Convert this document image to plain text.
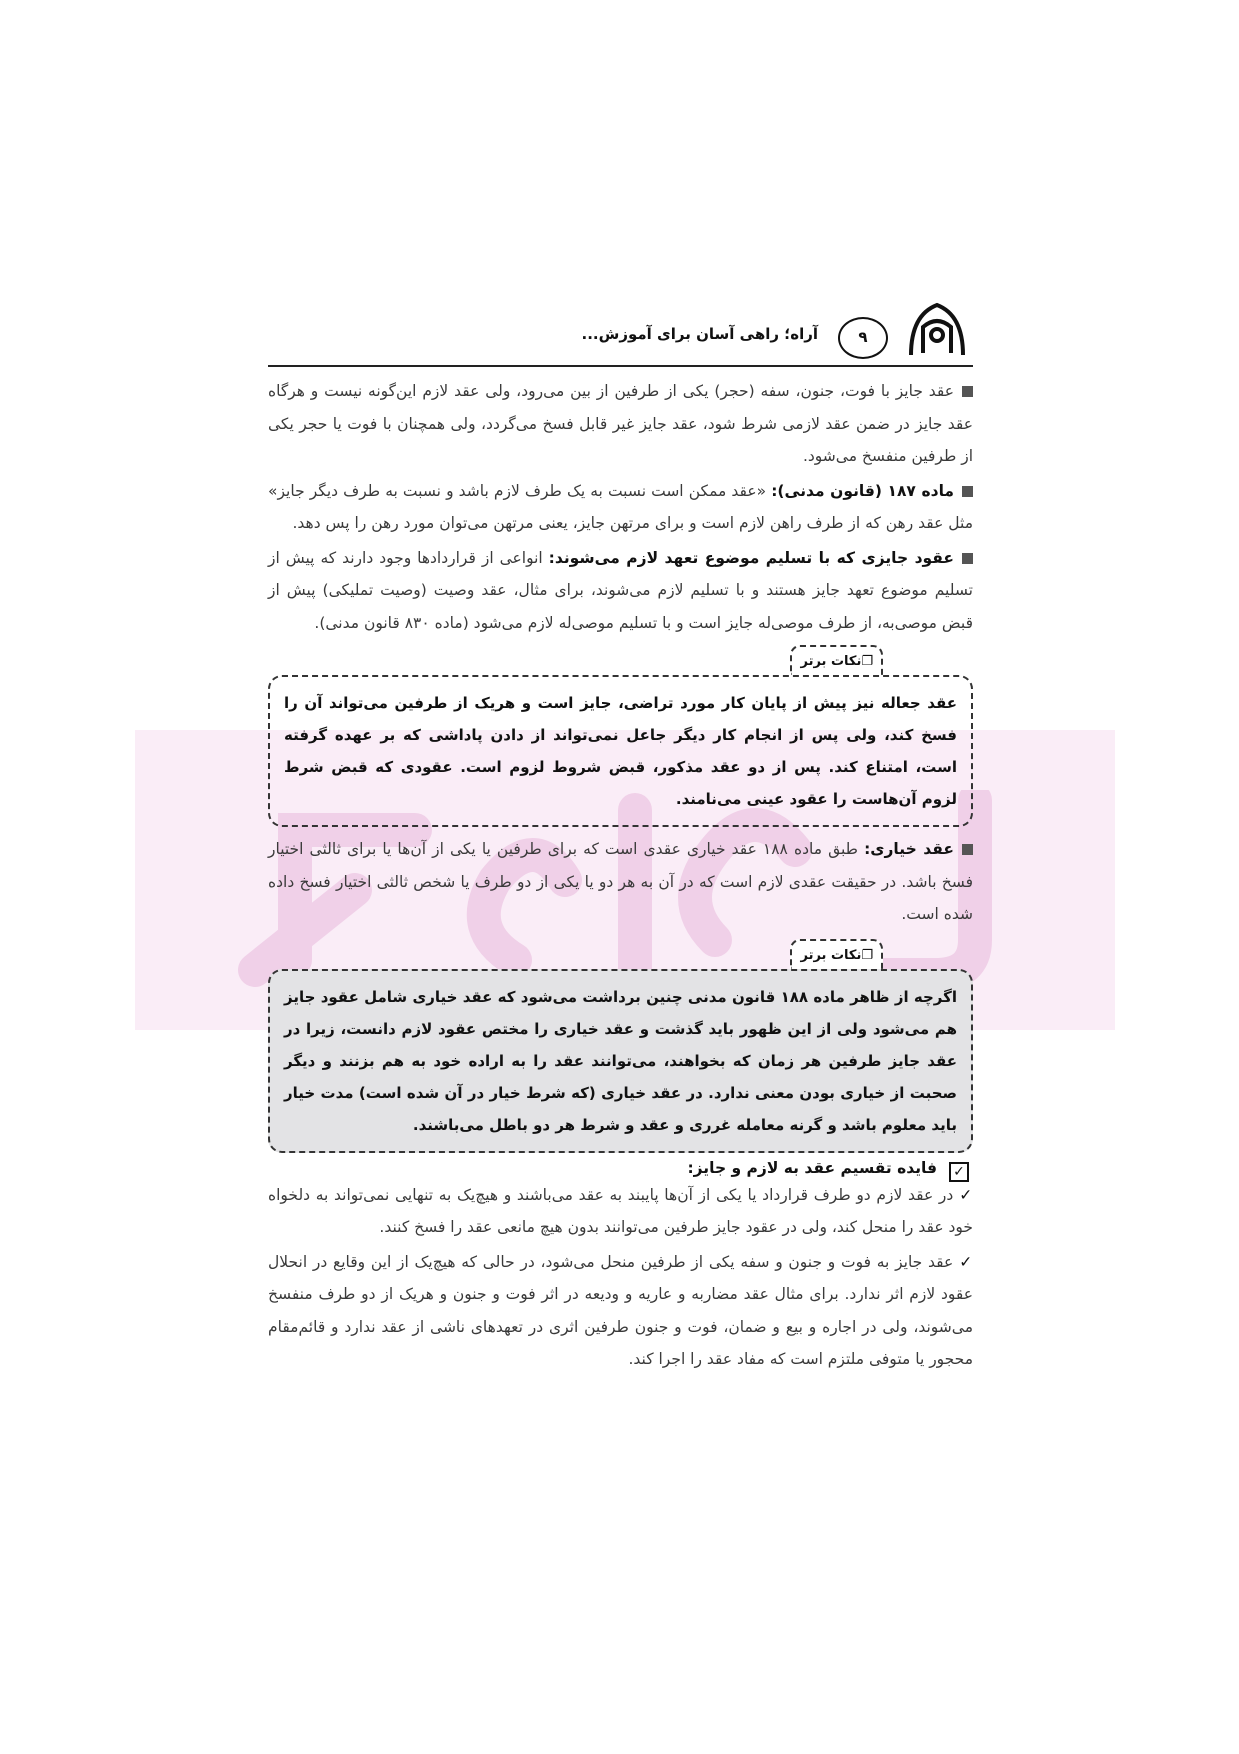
۹
آراه؛ راهی آسان برای آموزش...

عقد جایز با فوت، جنون، سفه (حجر) یکی از طرفین از بین می‌رود، ولی عقد لازم این‌گونه نیست و هرگاه عقد جایز در ضمن عقد لازمی شرط شود، عقد جایز غیر قابل فسخ می‌گردد، ولی همچنان با فوت یا حجر یکی از طرفین منفسخ می‌شود.

ماده ۱۸۷ (قانون مدنی): «عقد ممکن است نسبت به یک طرف لازم باشد و نسبت به طرف دیگر جایز» مثل عقد رهن که از طرف راهن لازم است و برای مرتهن جایز، یعنی مرتهن می‌توان مورد رهن را پس دهد.

عقود جایزی که با تسلیم موضوع تعهد لازم می‌شوند: انواعی از قراردادها وجود دارند که پیش از تسلیم موضوع تعهد جایز هستند و با تسلیم لازم می‌شوند، برای مثال، عقد وصیت (وصیت تملیکی) پیش از قبض موصی‌به، از طرف موصی‌له جایز است و با تسلیم موصی‌له لازم می‌شود (ماده ۸۳۰ قانون مدنی).

❐نکات برتر

عقد جعاله نیز پیش از پایان کار مورد تراضی، جایز است و هریک از طرفین می‌تواند آن را فسخ کند، ولی پس از انجام کار دیگر جاعل نمی‌تواند از دادن پاداشی که بر عهده گرفته است، امتناع کند. پس از دو عقد مذکور، قبض شروط لزوم است. عقودی که قبض شرط لزوم آن‌هاست را عقود عینی می‌نامند.

عقد خیاری: طبق ماده ۱۸۸ عقد خیاری عقدی است که برای طرفین یا یکی از آن‌ها یا برای ثالثی اختیار فسخ باشد. در حقیقت عقدی لازم است که در آن به هر دو یا یکی از دو طرف یا شخص ثالثی اختیار فسخ داده شده است.

❐نکات برتر

اگرچه از ظاهر ماده ۱۸۸ قانون مدنی چنین برداشت می‌شود که عقد خیاری شامل عقود جایز هم می‌شود ولی از این ظهور باید گذشت و عقد خیاری را مختص عقود لازم دانست، زیرا در عقد جایز طرفین هر زمان که بخواهند، می‌توانند عقد را به اراده خود به هم بزنند و دیگر صحبت از خیاری بودن معنی ندارد. در عقد خیاری (که شرط خیار در آن شده است) مدت خیار باید معلوم باشد و گرنه معامله غرری و عقد و شرط هر دو باطل می‌باشند.

✓
فایده تقسیم عقد به لازم و جایز:

✓در عقد لازم دو طرف قرارداد یا یکی از آن‌ها پایبند به عقد می‌باشند و هیچ‌یک به تنهایی نمی‌تواند به دلخواه خود عقد را منحل کند، ولی در عقود جایز طرفین می‌توانند بدون هیچ مانعی عقد را فسخ کنند.

✓عقد جایز به فوت و جنون و سفه یکی از طرفین منحل می‌شود، در حالی که هیچ‌یک از این وقایع در انحلال عقود لازم اثر ندارد. برای مثال عقد مضاربه و عاریه و ودیعه در اثر فوت و جنون و هریک از دو طرف منفسخ می‌شوند، ولی در اجاره و بیع و ضمان، فوت و جنون طرفین اثری در تعهدهای ناشی از عقد ندارد و قائم‌مقام محجور یا متوفی ملتزم است که مفاد عقد را اجرا کند.
